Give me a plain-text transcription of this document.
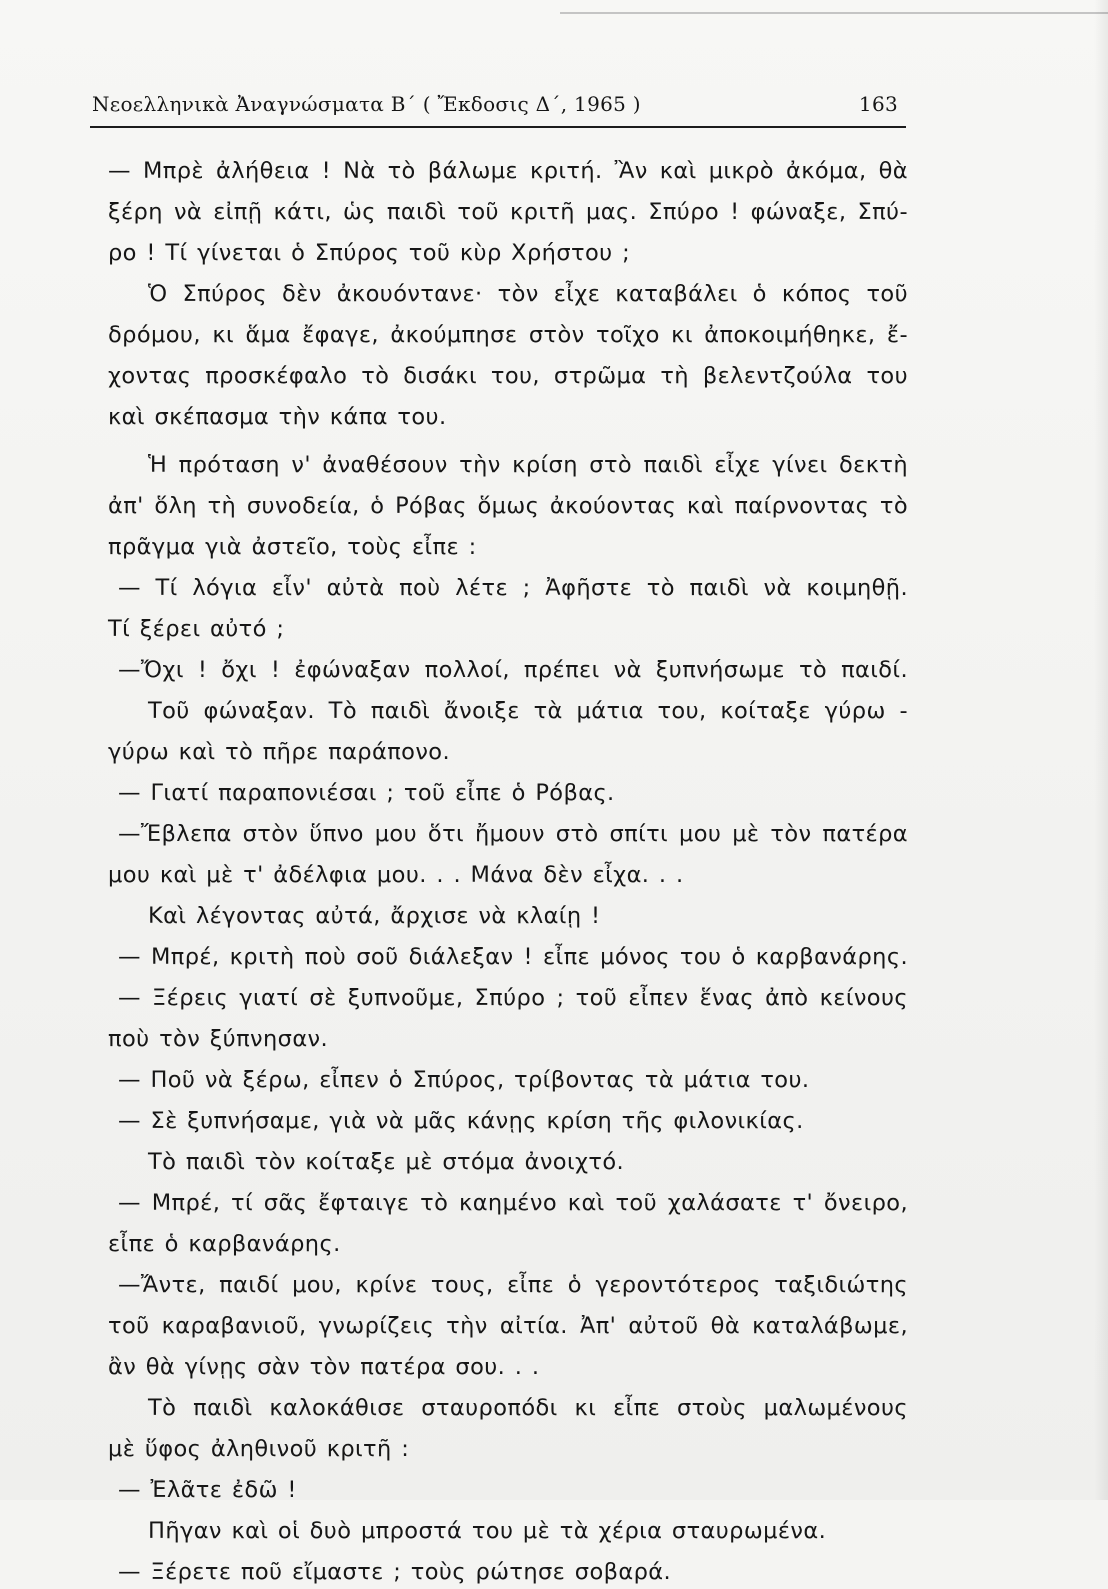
Νεοελληνικὰ Ἀναγνώσματα Β΄ ( Ἔκδοσις Δ΄, 1965 )	163
— Μπρὲ ἀλήθεια ! Νὰ τὸ βάλωμε κριτή. Ἂν καὶ μικρὸ ἀκόμα, θὰ
ξέρη νὰ εἰπῇ κάτι, ὡς παιδὶ τοῦ κριτῆ μας. Σπύρο ! φώναξε, Σπύ-
ρο ! Τί γίνεται ὁ Σπύρος τοῦ κὺρ Χρήστου ;
Ὁ Σπύρος δὲν ἀκουόντανε· τὸν εἶχε καταβάλει ὁ κόπος τοῦ
δρόμου, κι ἅμα ἔφαγε, ἀκούμπησε στὸν τοῖχο κι ἀποκοιμήθηκε, ἔ-
χοντας προσκέφαλο τὸ δισάκι του, στρῶμα τὴ βελεντζούλα του
καὶ σκέπασμα τὴν κάπα του.
Ἡ πρόταση ν' ἀναθέσουν τὴν κρίση στὸ παιδὶ εἶχε γίνει δεκτὴ
ἀπ' ὅλη τὴ συνοδεία, ὁ Ρόβας ὅμως ἀκούοντας καὶ παίρνοντας τὸ
πρᾶγμα γιὰ ἀστεῖο, τοὺς εἶπε :
— Τί λόγια εἶν' αὐτὰ ποὺ λέτε ; Ἀφῆστε τὸ παιδὶ νὰ κοιμηθῇ.
Τί ξέρει αὐτό ;
—Ὄχι ! ὄχι ! ἐφώναξαν πολλοί, πρέπει νὰ ξυπνήσωμε τὸ παιδί.
Τοῦ φώναξαν. Τὸ παιδὶ ἄνοιξε τὰ μάτια του, κοίταξε γύρω -
γύρω καὶ τὸ πῆρε παράπονο.
— Γιατί παραπονιέσαι ; τοῦ εἶπε ὁ Ρόβας.
—Ἔβλεπα στὸν ὕπνο μου ὅτι ἤμουν στὸ σπίτι μου μὲ τὸν πατέρα
μου καὶ μὲ τ' ἀδέλφια μου. . . Μάνα δὲν εἶχα. . .
Καὶ λέγοντας αὐτά, ἄρχισε νὰ κλαίῃ !
— Μπρέ, κριτὴ ποὺ σοῦ διάλεξαν ! εἶπε μόνος του ὁ καρβανάρης.
— Ξέρεις γιατί σὲ ξυπνοῦμε, Σπύρο ; τοῦ εἶπεν ἕνας ἀπὸ κείνους
ποὺ τὸν ξύπνησαν.
— Ποῦ νὰ ξέρω, εἶπεν ὁ Σπύρος, τρίβοντας τὰ μάτια του.
— Σὲ ξυπνήσαμε, γιὰ νὰ μᾶς κάνῃς κρίση τῆς φιλονικίας.
Τὸ παιδὶ τὸν κοίταξε μὲ στόμα ἀνοιχτό.
— Μπρέ, τί σᾶς ἔφταιγε τὸ καημένο καὶ τοῦ χαλάσατε τ' ὄνειρο,
εἶπε ὁ καρβανάρης.
—Ἄντε, παιδί μου, κρίνε τους, εἶπε ὁ γεροντότερος ταξιδιώτης
τοῦ καραβανιοῦ, γνωρίζεις τὴν αἰτία. Ἀπ' αὐτοῦ θὰ καταλάβωμε,
ἂν θὰ γίνῃς σὰν τὸν πατέρα σου. . .
Τὸ παιδὶ καλοκάθισε σταυροπόδι κι εἶπε στοὺς μαλωμένους
μὲ ὕφος ἀληθινοῦ κριτῆ :
— Ἐλᾶτε ἐδῶ !
Πῆγαν καὶ οἱ δυὸ μπροστά του μὲ τὰ χέρια σταυρωμένα.
— Ξέρετε ποῦ εἴμαστε ; τοὺς ρώτησε σοβαρά.
